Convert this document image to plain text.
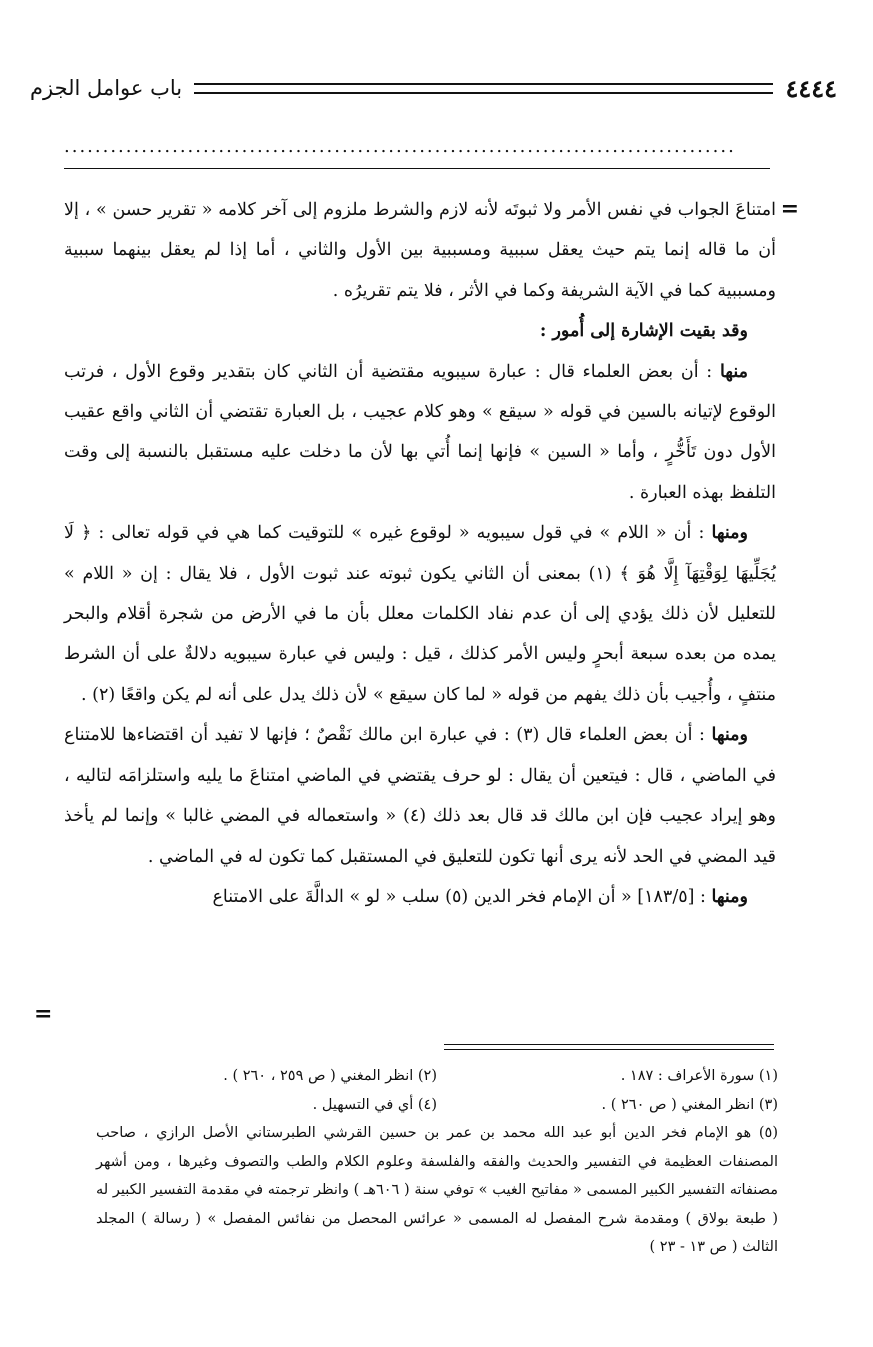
٤٤٤٤
باب عوامل الجزم
.......................................................................................
=

امتناعَ الجواب في نفس الأمر ولا ثبوتَه لأنه لازم والشرط ملزوم إلى آخر كلامه « تقرير حسن » ، إلا أن ما قاله إنما يتم حيث يعقل سببية ومسببية بين الأول والثاني ، أما إذا لم يعقل بينهما سببية ومسببية كما في الآية الشريفة وكما في الأثر ، فلا يتم تقريرُه .

وقد بقيت الإشارة إلى أُمور :

منها : أن بعض العلماء قال : عبارة سيبويه مقتضية أن الثاني كان بتقدير وقوع الأول ، فرتب الوقوع لإتيانه بالسين في قوله « سيقع » وهو كلام عجيب ، بل العبارة تقتضي أن الثاني واقع عقيب الأول دون تَأَخُّرٍ ، وأما « السين » فإنها إنما أُتي بها لأن ما دخلت عليه مستقبل بالنسبة إلى وقت التلفظ بهذه العبارة .

ومنها : أن « اللام » في قول سيبويه « لوقوع غيره » للتوقيت كما هي في قوله تعالى : ﴿ لَا يُجَلِّيهَا لِوَقْتِهَآ إِلَّا هُوَ ﴾ (١) بمعنى أن الثاني يكون ثبوته عند ثبوت الأول ، فلا يقال : إن « اللام » للتعليل لأن ذلك يؤدي إلى أن عدم نفاد الكلمات معلل بأن ما في الأرض من شجرة أقلام والبحر يمده من بعده سبعة أبحرٍ وليس الأمر كذلك ، قيل : وليس في عبارة سيبويه دلالةٌ على أن الشرط منتفٍ ، وأُجيب بأن ذلك يفهم من قوله « لما كان سيقع » لأن ذلك يدل على أنه لم يكن واقعًا (٢) .

ومنها : أن بعض العلماء قال (٣) : في عبارة ابن مالك نَقْصٌ ؛ فإنها لا تفيد أن اقتضاءها للامتناع في الماضي ، قال : فيتعين أن يقال : لو حرف يقتضي في الماضي امتناعَ ما يليه واستلزامَه لتاليه ، وهو إيراد عجيب فإن ابن مالك قد قال بعد ذلك (٤) « واستعماله في المضي غالبا » وإنما لم يأخذ قيد المضي في الحد لأنه يرى أنها تكون للتعليق في المستقبل كما تكون له في الماضي .

ومنها : [١٨٣/٥] « أن الإمام فخر الدين (٥) سلب « لو » الدالَّةَ على الامتناع

=
(١) سورة الأعراف : ١٨٧ .
(٢) انظر المغني ( ص ٢٥٩ ، ٢٦٠ ) .
(٣) انظر المغني ( ص ٢٦٠ ) .
(٤) أي في التسهيل .

(٥) هو الإمام فخر الدين أبو عبد الله محمد بن عمر بن حسين القرشي الطبرستاني الأصل الرازي ، صاحب المصنفات العظيمة في التفسير والحديث والفقه والفلسفة وعلوم الكلام والطب والتصوف وغيرها ، ومن أشهر مصنفاته التفسير الكبير المسمى « مفاتيح الغيب » توفي سنة ( ٦٠٦هـ ) وانظر ترجمته في مقدمة التفسير الكبير له ( طبعة بولاق ) ومقدمة شرح المفصل له المسمى « عرائس المحصل من نفائس المفصل » ( رسالة ) المجلد الثالث ( ص ١٣ - ٢٣ )
